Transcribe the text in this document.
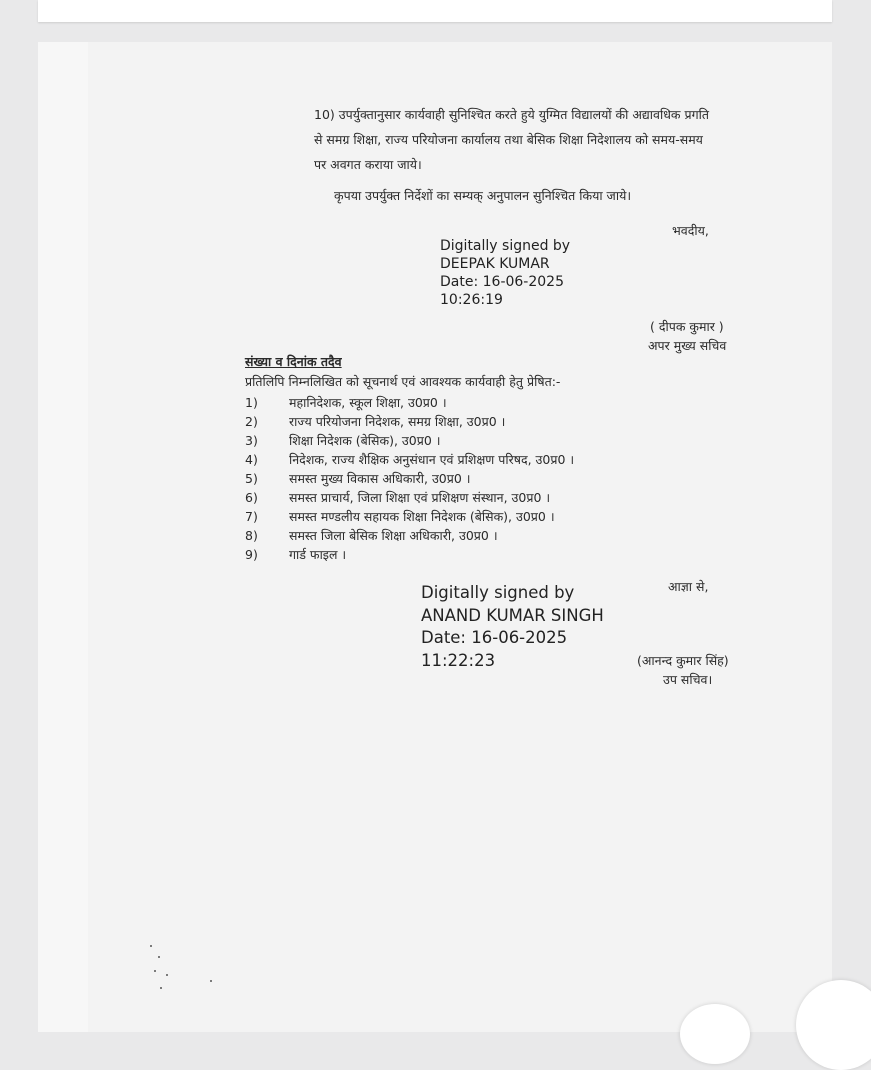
10) उपर्युक्तानुसार कार्यवाही सुनिश्चित करते हुये युग्मित विद्यालयों की अद्यावधिक प्रगति
से समग्र शिक्षा, राज्य परियोजना कार्यालय तथा बेसिक शिक्षा निदेशालय को समय-समय
पर अवगत कराया जाये।
कृपया उपर्युक्त निर्देशों का सम्यक् अनुपालन सुनिश्चित किया जाये।
भवदीय,
Digitally signed by
DEEPAK KUMAR
Date: 16-06-2025
10:26:19
( दीपक कुमार )
अपर मुख्य सचिव
संख्या व दिनांक तदैव
प्रतिलिपि निम्नलिखित को सूचनार्थ एवं आवश्यक कार्यवाही हेतु प्रेषित:-
1)	महानिदेशक, स्कूल शिक्षा, उ0प्र0 ।
2)	राज्य परियोजना निदेशक, समग्र शिक्षा, उ0प्र0 ।
3)	शिक्षा निदेशक (बेसिक), उ0प्र0 ।
4)	निदेशक, राज्य शैक्षिक अनुसंधान एवं प्रशिक्षण परिषद, उ0प्र0 ।
5)	समस्त मुख्य विकास अधिकारी, उ0प्र0 ।
6)	समस्त प्राचार्य, जिला शिक्षा एवं प्रशिक्षण संस्थान, उ0प्र0 ।
7)	समस्त मण्डलीय सहायक शिक्षा निदेशक (बेसिक), उ0प्र0 ।
8)	समस्त जिला बेसिक शिक्षा अधिकारी, उ0प्र0 ।
9)	गार्ड फाइल ।
आज्ञा से,
Digitally signed by
ANAND KUMAR SINGH
Date: 16-06-2025
11:22:23	(आनन्द कुमार सिंह)
उप सचिव।
